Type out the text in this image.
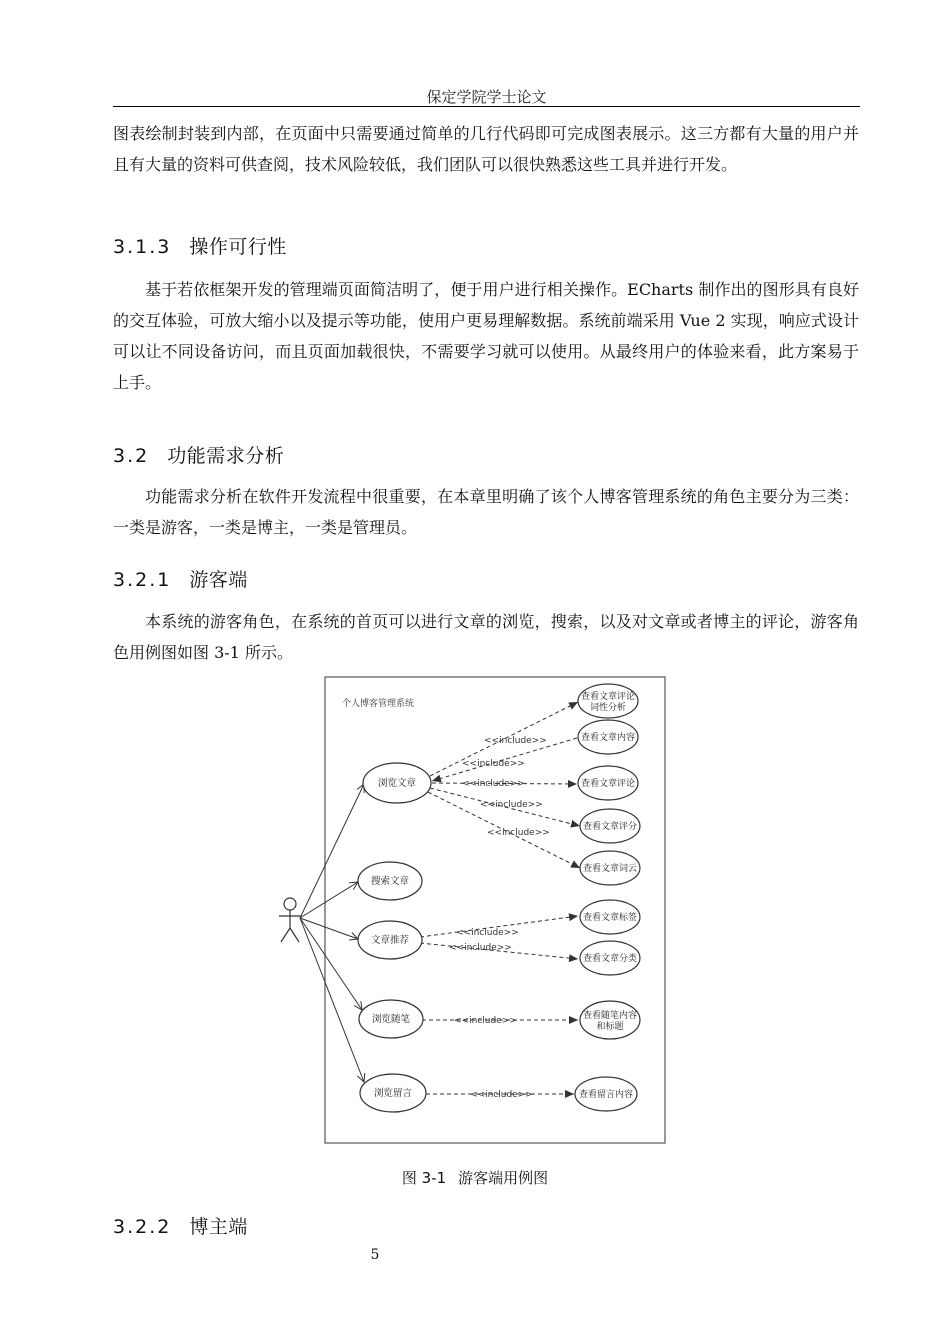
保定学院学士论文
图表绘制封装到内部，在页面中只需要通过简单的几行代码即可完成图表展示。这三方都有大量的用户并且有大量的资料可供查阅，技术风险较低，我们团队可以很快熟悉这些工具并进行开发。
3.1.3 操作可行性
基于若依框架开发的管理端页面简洁明了，便于用户进行相关操作。ECharts 制作出的图形具有良好的交互体验，可放大缩小以及提示等功能，使用户更易理解数据。系统前端采用 Vue 2 实现，响应式设计可以让不同设备访问，而且页面加载很快，不需要学习就可以使用。从最终用户的体验来看，此方案易于上手。
3.2 功能需求分析
功能需求分析在软件开发流程中很重要，在本章里明确了该个人博客管理系统的角色主要分为三类：一类是游客，一类是博主，一类是管理员。
3.2.1 游客端
本系统的游客角色，在系统的首页可以进行文章的浏览，搜索，以及对文章或者博主的评论，游客角色用例图如图 3-1 所示。
个人博客管理系统
<<include>>
<<include>>
<<include>>
<<include>>
<<include>>
<<include>>
<<include>>
<<include>>
<<include>>
浏览文章
搜索文章
文章推荐
浏览随笔
浏览留言
查看文章评论
词性分析
查看文章内容
查看文章评论
查看文章评分
查看文章词云
查看文章标签
查看文章分类
查看随笔内容
和标题
查看留言内容
图 3-1 游客端用例图
3.2.2 博主端
5
